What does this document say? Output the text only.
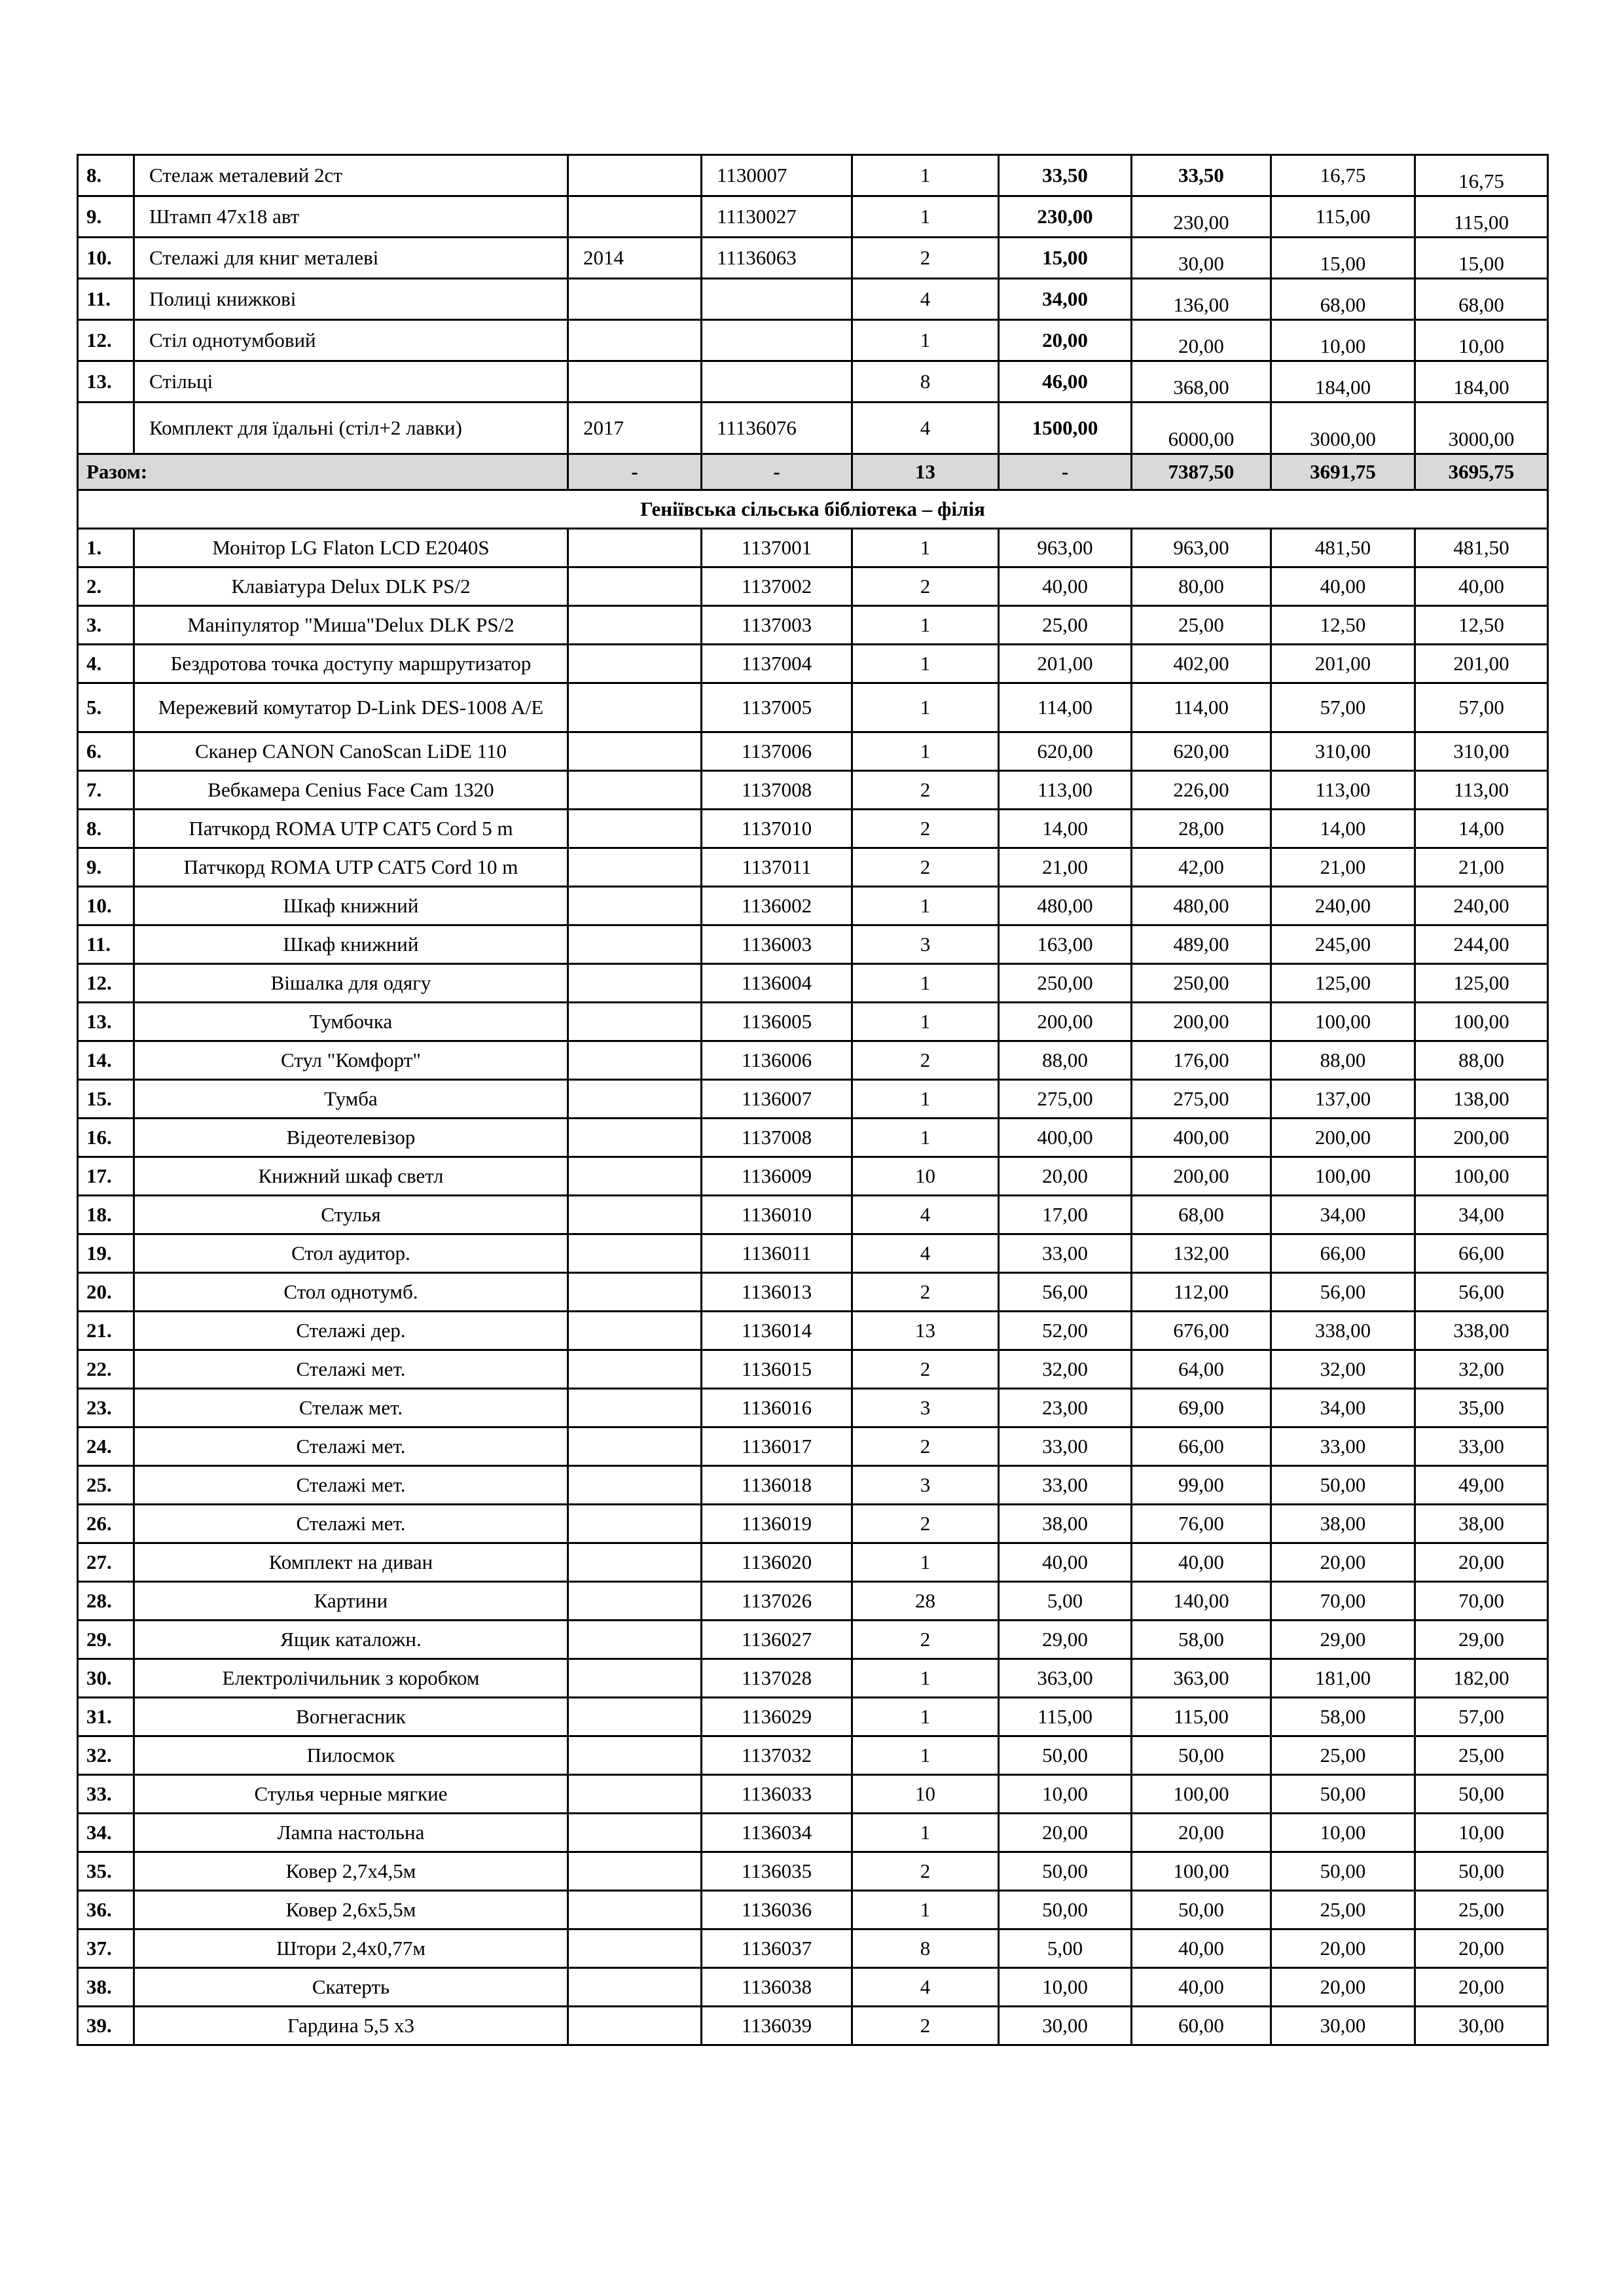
8.	Стелаж металевий 2ст		1130007	1	33,50	33,50	16,75	16,75
9.	Штамп 47х18 авт		11130027	1	230,00	230,00	115,00	115,00
10.	Стелажі для книг металеві	2014	11136063	2	15,00	30,00	15,00	15,00
11.	Полиці книжкові			4	34,00	136,00	68,00	68,00
12.	Стіл однотумбовий			1	20,00	20,00	10,00	10,00
13.	Стільці			8	46,00	368,00	184,00	184,00
	Комплект для їдальні (стіл+2 лавки)	2017	11136076	4	1500,00	6000,00	3000,00	3000,00
Разом:		-	-	13	-	7387,50	3691,75	3695,75
Геніївська сільська бібліотека – філія								
1.	Монітор LG Flaton LCD E2040S		1137001	1	963,00	963,00	481,50	481,50
2.	Клавіатура Delux DLK PS/2		1137002	2	40,00	80,00	40,00	40,00
3.	Маніпулятор "Миша"Delux DLK PS/2		1137003	1	25,00	25,00	12,50	12,50
4.	Бездротова точка доступу маршрутизатор		1137004	1	201,00	402,00	201,00	201,00
5.	Мережевий комутатор D-Link DES-1008 A/E		1137005	1	114,00	114,00	57,00	57,00
6.	Сканер CANON CanoScan LiDE 110		1137006	1	620,00	620,00	310,00	310,00
7.	Вебкамера Cenius Face Cam 1320		1137008	2	113,00	226,00	113,00	113,00
8.	Патчкорд ROMA UTP CAT5 Cord 5 m		1137010	2	14,00	28,00	14,00	14,00
9.	Патчкорд ROMA UTP CAT5 Cord 10 m		1137011	2	21,00	42,00	21,00	21,00
10.	Шкаф книжний		1136002	1	480,00	480,00	240,00	240,00
11.	Шкаф книжний		1136003	3	163,00	489,00	245,00	244,00
12.	Вішалка для одягу		1136004	1	250,00	250,00	125,00	125,00
13.	Тумбочка		1136005	1	200,00	200,00	100,00	100,00
14.	Стул "Комфорт"		1136006	2	88,00	176,00	88,00	88,00
15.	Тумба		1136007	1	275,00	275,00	137,00	138,00
16.	Відеотелевізор		1137008	1	400,00	400,00	200,00	200,00
17.	Книжний шкаф светл		1136009	10	20,00	200,00	100,00	100,00
18.	Стулья		1136010	4	17,00	68,00	34,00	34,00
19.	Стол аудитор.		1136011	4	33,00	132,00	66,00	66,00
20.	Стол однотумб.		1136013	2	56,00	112,00	56,00	56,00
21.	Стелажі дер.		1136014	13	52,00	676,00	338,00	338,00
22.	Стелажі мет.		1136015	2	32,00	64,00	32,00	32,00
23.	Стелаж мет.		1136016	3	23,00	69,00	34,00	35,00
24.	Стелажі мет.		1136017	2	33,00	66,00	33,00	33,00
25.	Стелажі мет.		1136018	3	33,00	99,00	50,00	49,00
26.	Стелажі мет.		1136019	2	38,00	76,00	38,00	38,00
27.	Комплект на диван		1136020	1	40,00	40,00	20,00	20,00
28.	Картини		1137026	28	5,00	140,00	70,00	70,00
29.	Ящик каталожн.		1136027	2	29,00	58,00	29,00	29,00
30.	Електролічильник з коробком		1137028	1	363,00	363,00	181,00	182,00
31.	Вогнегасник		1136029	1	115,00	115,00	58,00	57,00
32.	Пилосмок		1137032	1	50,00	50,00	25,00	25,00
33.	Стулья черные мягкие		1136033	10	10,00	100,00	50,00	50,00
34.	Лампа настольна		1136034	1	20,00	20,00	10,00	10,00
35.	Ковер 2,7х4,5м		1136035	2	50,00	100,00	50,00	50,00
36.	Ковер 2,6х5,5м		1136036	1	50,00	50,00	25,00	25,00
37.	Штори 2,4х0,77м		1136037	8	5,00	40,00	20,00	20,00
38.	Скатерть		1136038	4	10,00	40,00	20,00	20,00
39.	Гардина 5,5 х3		1136039	2	30,00	60,00	30,00	30,00
